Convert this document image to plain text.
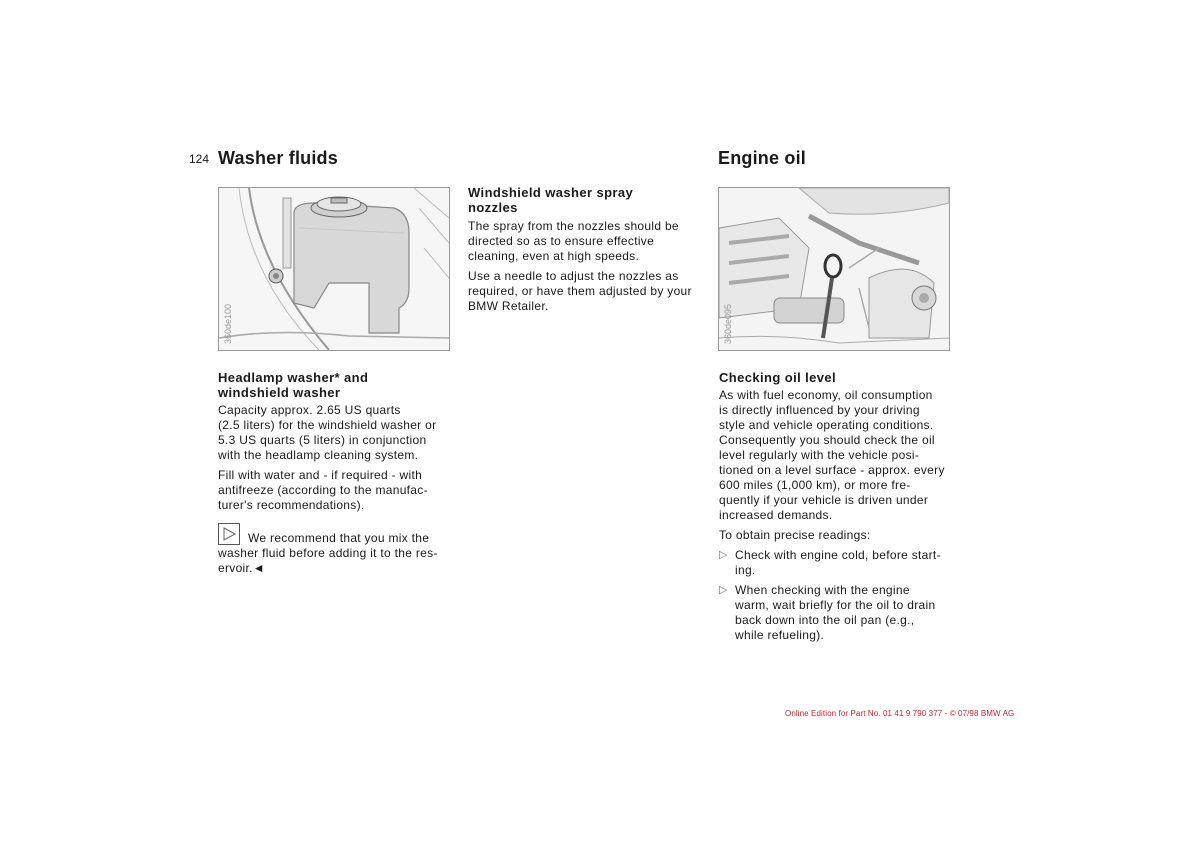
124 Washer fluids	Engine oil
360de100	360de095
Headlamp washer* and
windshield washer

Capacity approx. 2.65 US quarts
(2.5 liters) for the windshield washer or
5.3 US quarts (5 liters) in conjunction
with the headlamp cleaning system.

Fill with water and - if required - with
antifreeze (according to the manufac-
turer's recommendations).

We recommend that you mix the
washer fluid before adding it to the res-
ervoir.◄

Windshield washer spray
nozzles

The spray from the nozzles should be
directed so as to ensure effective
cleaning, even at high speeds.

Use a needle to adjust the nozzles as
required, or have them adjusted by your
BMW Retailer.

Checking oil level

As with fuel economy, oil consumption
is directly influenced by your driving
style and vehicle operating conditions.
Consequently you should check the oil
level regularly with the vehicle posi-
tioned on a level surface - approx. every
600 miles (1,000 km), or more fre-
quently if your vehicle is driven under
increased demands.

To obtain precise readings:

▷ Check with engine cold, before start-
ing.
▷ When checking with the engine
warm, wait briefly for the oil to drain
back down into the oil pan (e.g.,
while refueling).
Online Edition for Part No. 01 41 9 790 377 - © 07/98 BMW AG
